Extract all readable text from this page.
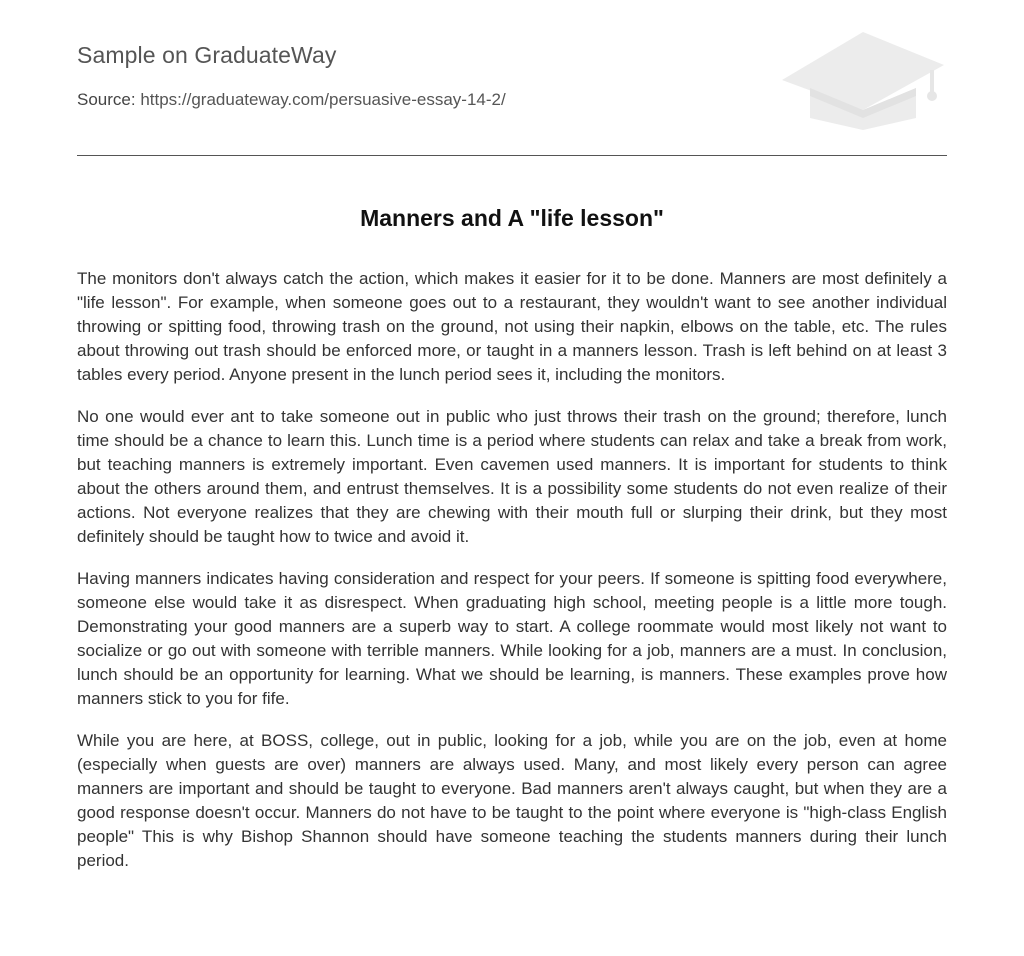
Sample on GraduateWay
Source: https://graduateway.com/persuasive-essay-14-2/
Manners and A "life lesson"

The monitors don't always catch the action, which makes it easier for it to be done. Manners are most definitely a "life lesson". For example, when someone goes out to a restaurant, they wouldn't want to see another individual throwing or spitting food, throwing trash on the ground, not using their napkin, elbows on the table, etc. The rules about throwing out trash should be enforced more, or taught in a manners lesson. Trash is left behind on at least 3 tables every period. Anyone present in the lunch period sees it, including the monitors.

No one would ever ant to take someone out in public who just throws their trash on the ground; therefore, lunch time should be a chance to learn this. Lunch time is a period where students can relax and take a break from work, but teaching manners is extremely important. Even cavemen used manners. It is important for students to think about the others around them, and entrust themselves. It is a possibility some students do not even realize of their actions. Not everyone realizes that they are chewing with their mouth full or slurping their drink, but they most definitely should be taught how to twice and avoid it.

Having manners indicates having consideration and respect for your peers. If someone is spitting food everywhere, someone else would take it as disrespect. When graduating high school, meeting people is a little more tough. Demonstrating your good manners are a superb way to start. A college roommate would most likely not want to socialize or go out with someone with terrible manners. While looking for a job, manners are a must. In conclusion, lunch should be an opportunity for learning. What we should be learning, is manners. These examples prove how manners stick to you for fife.

While you are here, at BOSS, college, out in public, looking for a job, while you are on the job, even at home (especially when guests are over) manners are always used. Many, and most likely every person can agree manners are important and should be taught to everyone. Bad manners aren't always caught, but when they are a good response doesn't occur. Manners do not have to be taught to the point where everyone is "high-class English people" This is why Bishop Shannon should have someone teaching the students manners during their lunch period.
